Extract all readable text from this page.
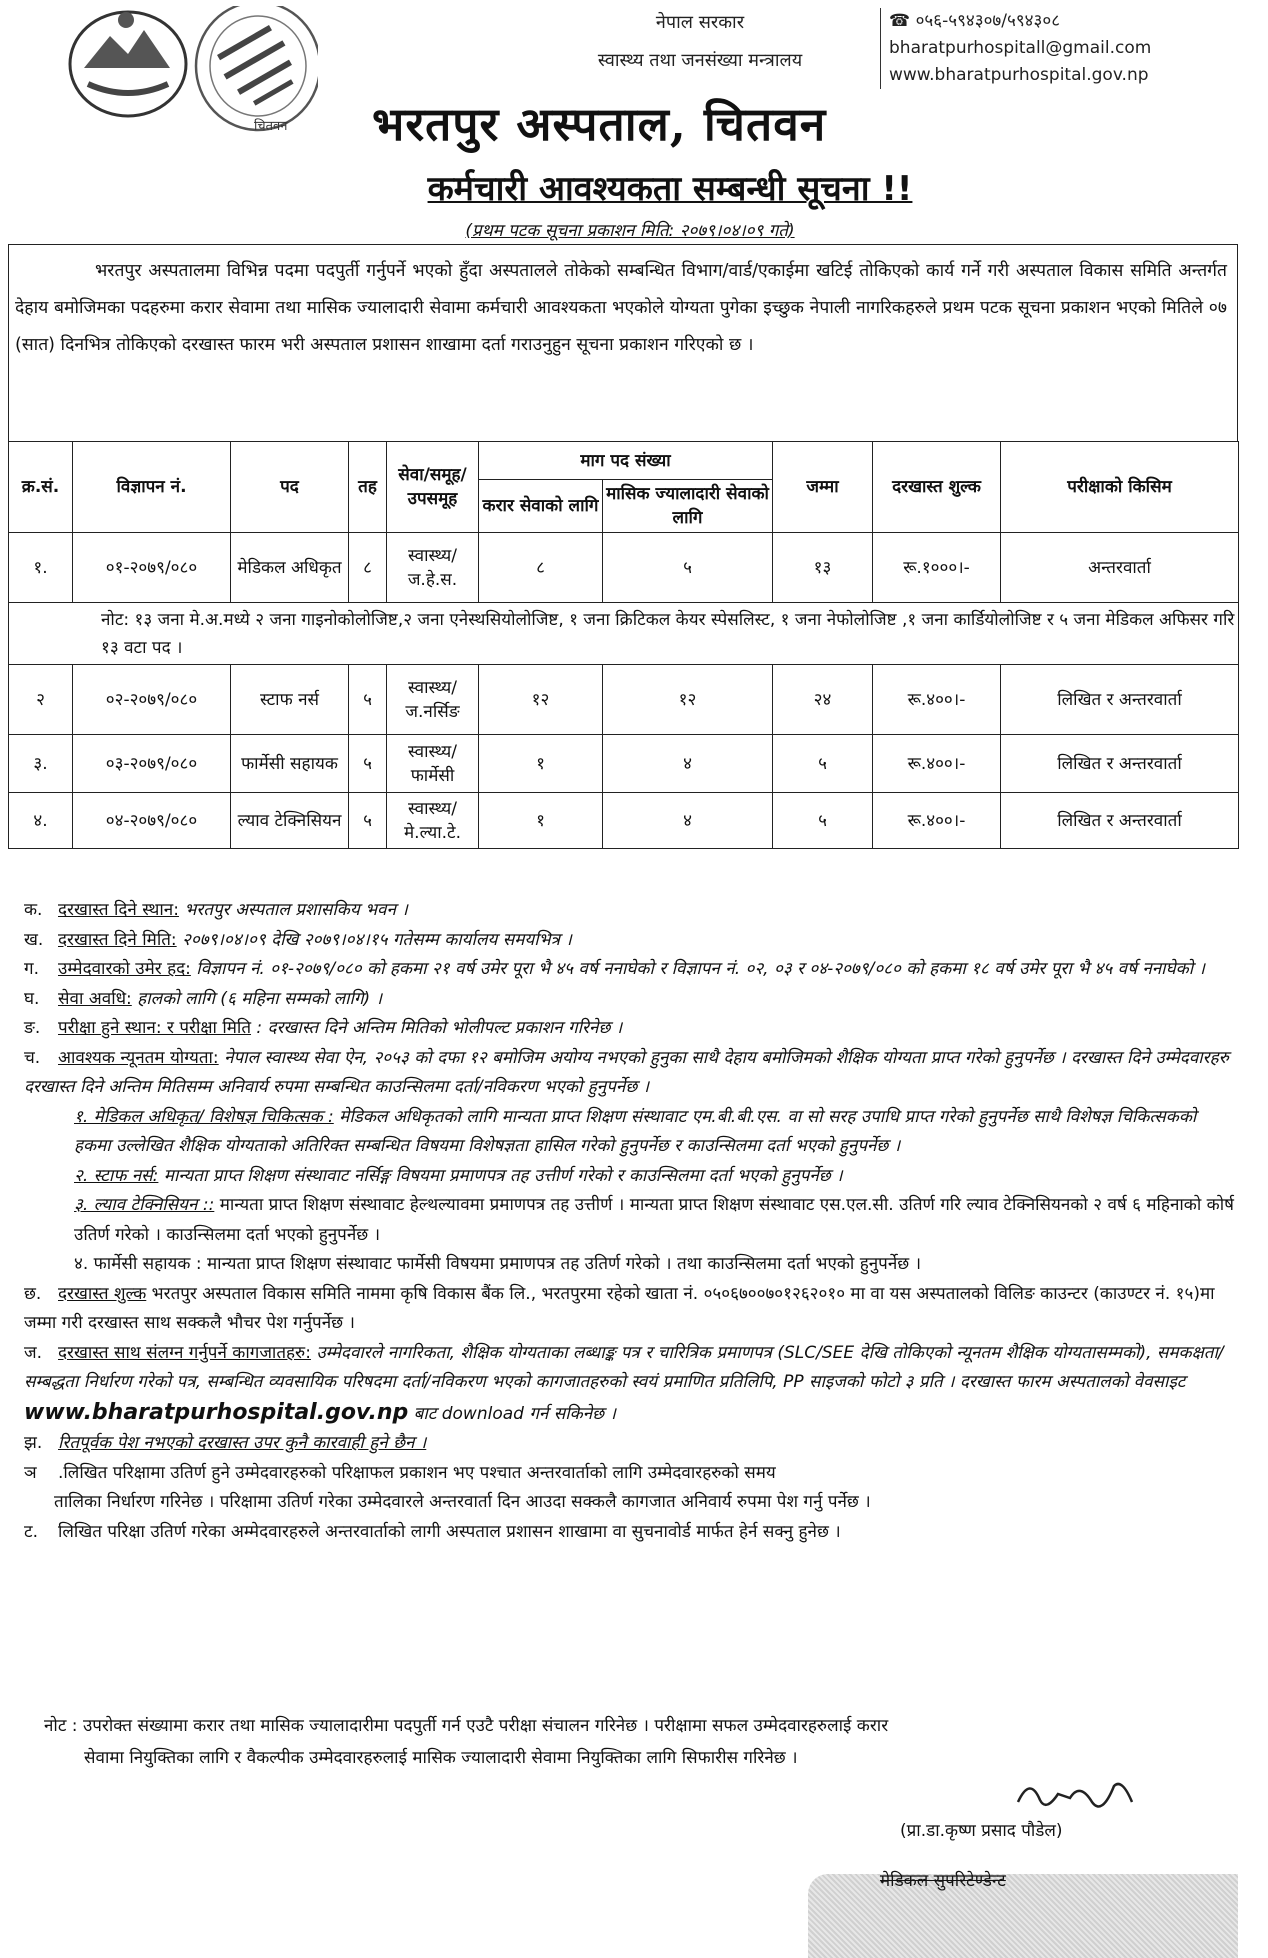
चितवन
नेपाल सरकार
स्वास्थ्य तथा जनसंख्या मन्त्रालय
☎ ०५६-५९४३०७/५९४३०८
bharatpurhospitall@gmail.com
www.bharatpurhospital.gov.np
भरतपुर अस्पताल, चितवन
कर्मचारी आवश्यकता सम्बन्धी सूचना !!
(प्रथम पटक सूचना प्रकाशन मिति: २०७९।०४।०९ गते)
भरतपुर अस्पतालमा विभिन्न पदमा पदपुर्ती गर्नुपर्ने भएको हुँदा अस्पतालले तोकेको सम्बन्धित विभाग/वार्ड/एकाईमा खटिई तोकिएको कार्य गर्ने गरी अस्पताल विकास समिति अन्तर्गत देहाय बमोजिमका पदहरुमा करार सेवामा तथा मासिक ज्यालादारी सेवामा कर्मचारी आवश्यकता भएकोले योग्यता पुगेका इच्छुक नेपाली नागरिकहरुले प्रथम पटक सूचना प्रकाशन भएको मितिले ०७ (सात) दिनभित्र तोकिएको दरखास्त फारम भरी अस्पताल प्रशासन शाखामा दर्ता गराउनुहुन सूचना प्रकाशन गरिएको छ ।
क्र.सं.	विज्ञापन नं.	पद	तह	सेवा/समूह/उपसमूह	माग पद संख्या		जम्मा	दरखास्त शुल्क	परीक्षाको किसिम
					करार सेवाको लागि	मासिक ज्यालादारी सेवाको लागि			
१.	०१-२०७९/०८०	मेडिकल अधिकृत	८	स्वास्थ्य/ ज.हे.स.	८	५	१३	रू.१०००।-	अन्तरवार्ता
नोट: १३ जना मे.अ.मध्ये २ जना गाइनोकोलोजिष्ट,२ जना एनेस्थसियोलोजिष्ट, १ जना क्रिटिकल केयर स्पेसलिस्ट, १ जना नेफोलोजिष्ट ,१ जना कार्डियोलोजिष्ट र ५ जना मेडिकल अफिसर गरि १३ वटा पद ।									
२	०२-२०७९/०८०	स्टाफ नर्स	५	स्वास्थ्य/ ज.नर्सिङ	१२	१२	२४	रू.४००।-	लिखित र अन्तरवार्ता
३.	०३-२०७९/०८०	फार्मेसी सहायक	५	स्वास्थ्य/ फार्मेसी	१	४	५	रू.४००।-	लिखित र अन्तरवार्ता
४.	०४-२०७९/०८०	ल्याव टेक्निसियन	५	स्वास्थ्य/ मे.ल्या.टे.	१	४	५	रू.४००।-	लिखित र अन्तरवार्ता
क. दरखास्त दिने स्थान: भरतपुर अस्पताल प्रशासकिय भवन ।
ख. दरखास्त दिने मिति: २०७९।०४।०९ देखि २०७९।०४।१५ गतेसम्म कार्यालय समयभित्र ।
ग. उम्मेदवारको उमेर हद: विज्ञापन नं. ०१-२०७९/०८० को हकमा २१ वर्ष उमेर पूरा भै ४५ वर्ष ननाघेको र विज्ञापन नं. ०२, ०३ र ०४-२०७९/०८० को हकमा १८ वर्ष उमेर पूरा भै ४५ वर्ष ननाघेको ।
घ. सेवा अवधि: हालको लागि (६ महिना सम्मको लागि) ।
ङ. परीक्षा हुने स्थान: र परीक्षा मिति : दरखास्त दिने अन्तिम मितिको भोलीपल्ट प्रकाशन गरिनेछ ।
च. आवश्यक न्यूनतम योग्यता: नेपाल स्वास्थ्य सेवा ऐन, २०५३ को दफा १२ बमोजिम अयोग्य नभएको हुनुका साथै देहाय बमोजिमको शैक्षिक योग्यता प्राप्त गरेको हुनुपर्नेछ । दरखास्त दिने उम्मेदवारहरु दरखास्त दिने अन्तिम मितिसम्म अनिवार्य रुपमा सम्बन्धित काउन्सिलमा दर्ता/नविकरण भएको हुनुपर्नेछ ।
१. मेडिकल अधिकृत/ विशेषज्ञ चिकित्सक : मेडिकल अधिकृतको लागि मान्यता प्राप्त शिक्षण संस्थावाट एम.बी.बी.एस. वा सो सरह उपाधि प्राप्त गरेको हुनुपर्नेछ साथै विशेषज्ञ चिकित्सकको हकमा उल्लेखित शैक्षिक योग्यताको अतिरिक्त सम्बन्धित विषयमा विशेषज्ञता हासिल गरेको हुनुपर्नेछ र काउन्सिलमा दर्ता भएको हुनुपर्नेछ ।
२. स्टाफ नर्स: मान्यता प्राप्त शिक्षण संस्थावाट नर्सिङ्ग विषयमा प्रमाणपत्र तह उत्तीर्ण गरेको र काउन्सिलमा दर्ता भएको हुनुपर्नेछ ।
३. ल्याव टेक्निसियन :: मान्यता प्राप्त शिक्षण संस्थावाट हेल्थल्यावमा प्रमाणपत्र तह उत्तीर्ण । मान्यता प्राप्त शिक्षण संस्थावाट एस.एल.सी. उतिर्ण गरि ल्याव टेक्निसियनको २ वर्ष ६ महिनाको कोर्ष उतिर्ण गरेको । काउन्सिलमा दर्ता भएको हुनुपर्नेछ ।
४. फार्मेसी सहायक : मान्यता प्राप्त शिक्षण संस्थावाट फार्मेसी विषयमा प्रमाणपत्र तह उतिर्ण गरेको । तथा काउन्सिलमा दर्ता भएको हुनुपर्नेछ ।
छ. दरखास्त शुल्क भरतपुर अस्पताल विकास समिति नाममा कृषि विकास बैंक लि., भरतपुरमा रहेको खाता नं. ०५०६७००७०१२६२०१० मा वा यस अस्पतालको विलिङ काउन्टर (काउण्टर नं. १५)मा जम्मा गरी दरखास्त साथ सक्कलै भौचर पेश गर्नुपर्नेछ ।
ज. दरखास्त साथ संलग्न गर्नुपर्ने कागजातहरु: उम्मेदवारले नागरिकता, शैक्षिक योग्यताका लब्धाङ्क पत्र र चारित्रिक प्रमाणपत्र (SLC/SEE देखि तोकिएको न्यूनतम शैक्षिक योग्यतासम्मको), समकक्षता/सम्बद्धता निर्धारण गरेको पत्र, सम्बन्धित व्यवसायिक परिषदमा दर्ता/नविकरण भएको कागजातहरुको स्वयं प्रमाणित प्रतिलिपि, PP साइजको फोटो ३ प्रति । दरखास्त फारम अस्पतालको वेवसाइट
www.bharatpurhospital.gov.np बाट download गर्न सकिनेछ ।
झ. रितपूर्वक पेश नभएको दरखास्त उपर कुनै कारवाही हुने छैन ।
ञ .लिखित परिक्षामा उतिर्ण हुने उम्मेदवारहरुको परिक्षाफल प्रकाशन भए पश्चात अन्तरवार्ताको लागि उम्मेदवारहरुको समय
तालिका निर्धारण गरिनेछ । परिक्षामा उतिर्ण गरेका उम्मेदवारले अन्तरवार्ता दिन आउदा सक्कलै कागजात अनिवार्य रुपमा पेश गर्नु पर्नेछ ।
ट. लिखित परिक्षा उतिर्ण गरेका अम्मेदवारहरुले अन्तरवार्ताको लागी अस्पताल प्रशासन शाखामा वा सुचनावोर्ड मार्फत हेर्न सक्नु हुनेछ ।
नोट : उपरोक्त संख्यामा करार तथा मासिक ज्यालादारीमा पदपुर्ती गर्न एउटै परीक्षा संचालन गरिनेछ । परीक्षामा सफल उम्मेदवारहरुलाई करार
सेवामा नियुक्तिका लागि र वैकल्पीक उम्मेदवारहरुलाई मासिक ज्यालादारी सेवामा नियुक्तिका लागि सिफारीस गरिनेछ ।
(प्रा.डा.कृष्ण प्रसाद पौडेल)
मेडिकल सुपरिटेण्डेन्ट
